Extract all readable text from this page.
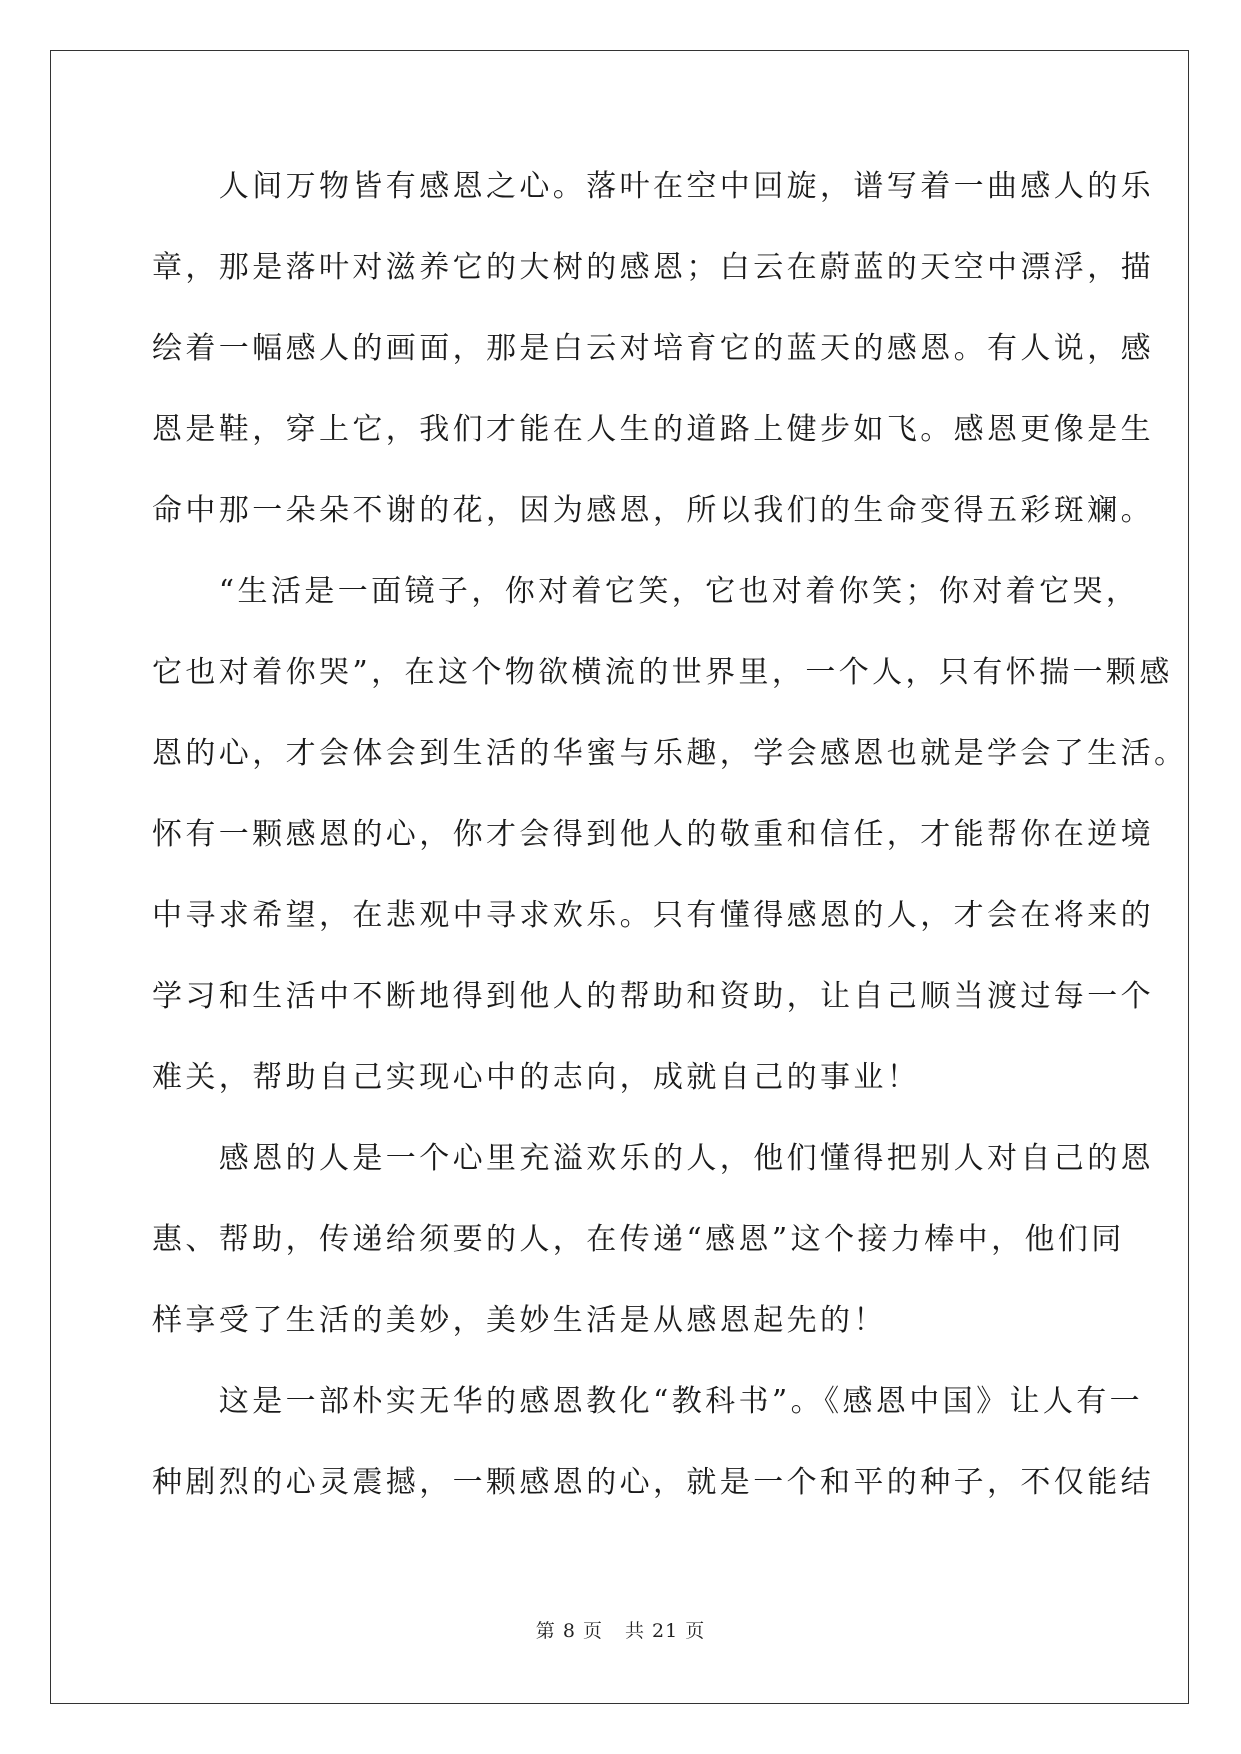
　　人间万物皆有感恩之心。落叶在空中回旋，谱写着一曲感人的乐
章，那是落叶对滋养它的大树的感恩；白云在蔚蓝的天空中漂浮，描
绘着一幅感人的画面，那是白云对培育它的蓝天的感恩。有人说，感
恩是鞋，穿上它，我们才能在人生的道路上健步如飞。感恩更像是生
命中那一朵朵不谢的花，因为感恩，所以我们的生命变得五彩斑斓。
　　“生活是一面镜子，你对着它笑，它也对着你笑；你对着它哭，
它也对着你哭”，在这个物欲横流的世界里，一个人，只有怀揣一颗感
恩的心，才会体会到生活的华蜜与乐趣，学会感恩也就是学会了生活。
怀有一颗感恩的心，你才会得到他人的敬重和信任，才能帮你在逆境
中寻求希望，在悲观中寻求欢乐。只有懂得感恩的人，才会在将来的
学习和生活中不断地得到他人的帮助和资助，让自己顺当渡过每一个
难关，帮助自己实现心中的志向，成就自己的事业！
　　感恩的人是一个心里充溢欢乐的人，他们懂得把别人对自己的恩
惠、帮助，传递给须要的人，在传递“感恩”这个接力棒中，他们同
样享受了生活的美妙，美妙生活是从感恩起先的！
　　这是一部朴实无华的感恩教化“教科书”。《感恩中国》让人有一
种剧烈的心灵震撼，一颗感恩的心，就是一个和平的种子，不仅能结
第 8 页 共 21 页
